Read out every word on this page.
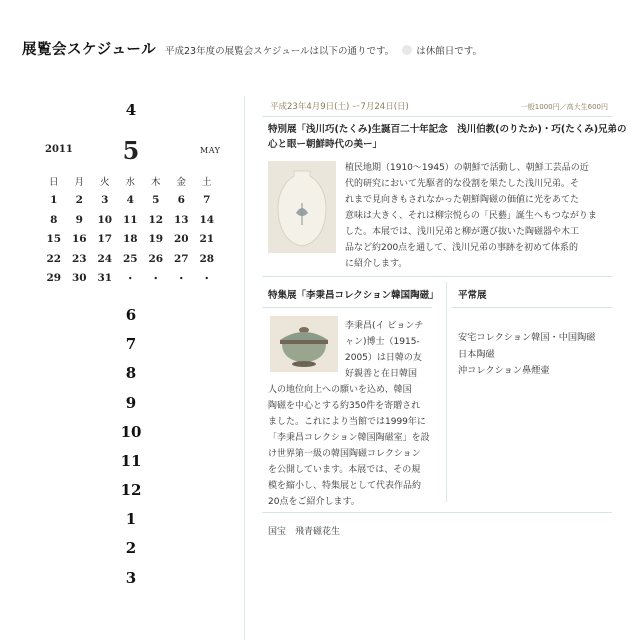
展覧会スケジュール 平成23年度の展覧会スケジュールは以下の通りです。 は休館日です。
4
2011 5	MAY
日	月	火	水	木	金	土
1	2	3	4	5	6	7
8	9	10	11	12	13	14
15	16	17	18	19	20	21
22	23	24	25	26	27	28
29	30	31	・	・	・	・
6
7
8
9
10
11
12
1
2
3
平成23年4月9日(土) ー7月24日(日)	一般1000円／高大生600円
特別展「浅川巧(たくみ)生誕百二十年記念　浅川伯教(のりたか)・巧(たくみ)兄弟の
心と眼ー朝鮮時代の美ー」
植民地期（1910〜1945）の朝鮮で活動し、朝鮮工芸品の近
代的研究において先駆者的な役割を果たした浅川兄弟。そ
れまで見向きもされなかった朝鮮陶磁の価値に光をあてた
意味は大きく、それは柳宗悦らの「民藝」誕生へもつながりま
した。本展では、浅川兄弟と柳が選び抜いた陶磁器や木工
品など約200点を通して、浅川兄弟の事跡を初めて体系的
に紹介します。
特集展「李秉昌コレクション韓国陶磁」
李秉昌(イ ビョンチ
ャン)博士（1915-
2005）は日韓の友
好親善と在日韓国
人の地位向上への願いを込め、韓国
陶磁を中心とする約350件を寄贈され
ました。これにより当館では1999年に
「李秉昌コレクション韓国陶磁室」を設
け世界第一級の韓国陶磁コレクション
を公開しています。本展では、その規
模を縮小し、特集展として代表作品約
20点をご紹介します。
平常展
安宅コレクション韓国・中国陶磁
日本陶磁
沖コレクション鼻煙壷
国宝　飛青磁花生
